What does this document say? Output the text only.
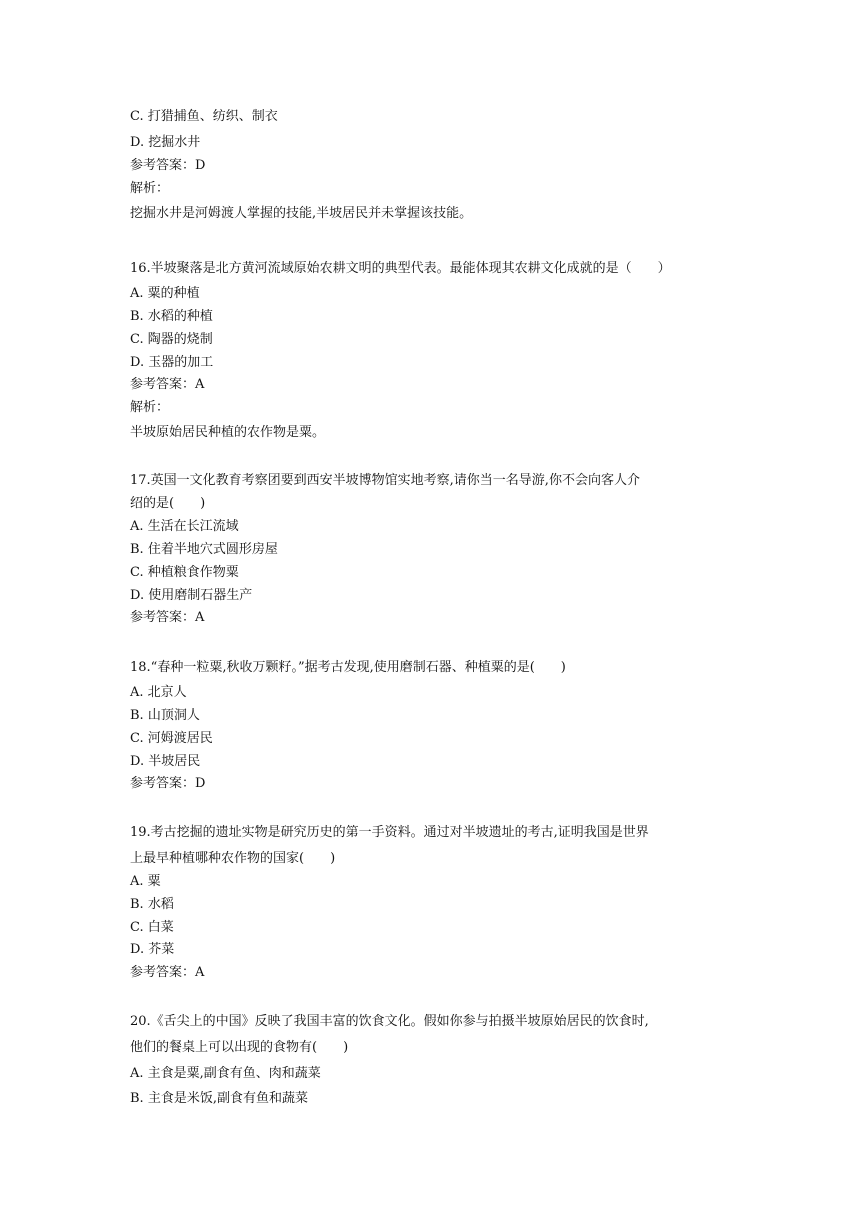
C. 打猎捕鱼、纺织、制衣
D. 挖掘水井
参考答案：D
解析：
挖掘水井是河姆渡人掌握的技能,半坡居民并未掌握该技能。
16.半坡聚落是北方黄河流域原始农耕文明的典型代表。最能体现其农耕文化成就的是（　　）
A. 粟的种植
B. 水稻的种植
C. 陶器的烧制
D. 玉器的加工
参考答案：A
解析：
半坡原始居民种植的农作物是粟。
17.英国一文化教育考察团要到西安半坡博物馆实地考察,请你当一名导游,你不会向客人介
绍的是(　　)
A. 生活在长江流域
B. 住着半地穴式圆形房屋
C. 种植粮食作物粟
D. 使用磨制石器生产
参考答案：A
18.“春种一粒粟,秋收万颗籽。”据考古发现,使用磨制石器、种植粟的是(　　)
A. 北京人
B. 山顶洞人
C. 河姆渡居民
D. 半坡居民
参考答案：D
19.考古挖掘的遗址实物是研究历史的第一手资料。通过对半坡遗址的考古,证明我国是世界
上最早种植哪种农作物的国家(　　)
A. 粟
B. 水稻
C. 白菜
D. 芥菜
参考答案：A
20.《舌尖上的中国》反映了我国丰富的饮食文化。假如你参与拍摄半坡原始居民的饮食时,
他们的餐桌上可以出现的食物有(　　)
A. 主食是粟,副食有鱼、肉和蔬菜
B. 主食是米饭,副食有鱼和蔬菜
